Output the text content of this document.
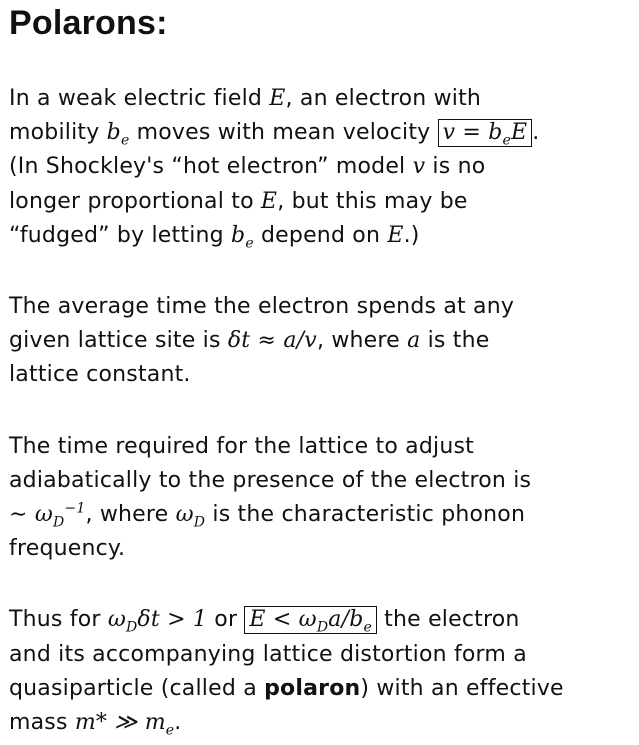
Polarons:

In a weak electric field E, an electron with
mobility $b_e$ moves with mean velocity $v = b_eE$ .
(In Shockley's “hot electron” model v is no
longer proportional to E, but this may be
“fudged” by letting $b_e$ depend on E.)

The average time the electron spends at any
given lattice site is δt ≈ a/v, where a is the
lattice constant.

The time required for the lattice to adjust
adiabatically to the presence of the electron is
∼ $\omega_D^{-1}$, where $\omega_D$ is the characteristic phonon
frequency.

Thus for $\omega_D\delta t > 1$ or $E < \omega_Da/b_e$ the electron
and its accompanying lattice distortion form a
quasiparticle (called a polaron) with an effective
mass m* ≫ $m_e$.
